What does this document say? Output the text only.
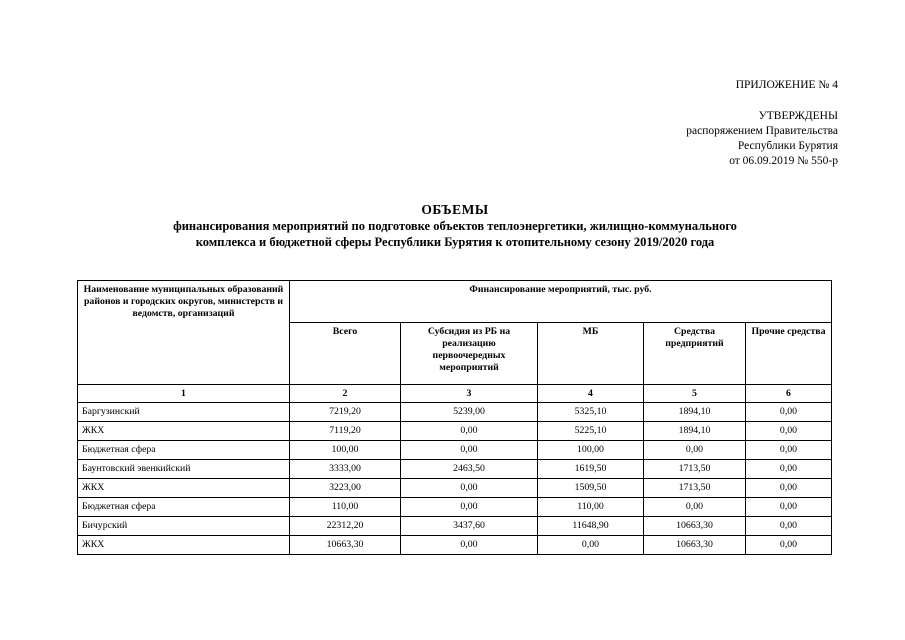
ПРИЛОЖЕНИЕ № 4
УТВЕРЖДЕНЫ
распоряжением Правительства
Республики Бурятия
от 06.09.2019 № 550-р
ОБЪЕМЫ
финансирования мероприятий по подготовке объектов теплоэнергетики, жилищно-коммунального
комплекса и бюджетной сферы Республики Бурятия к отопительному сезону 2019/2020 года
Наименование муниципальных образований районов и городских округов, министерств и ведомств, организаций	Финансирование мероприятий, тыс. руб.				
	Всего	Субсидия из РБ на реализацию первоочередных мероприятий	МБ	Средства предприятий	Прочие средства
1	2	3	4	5	6
Баргузинский	7219,20	5239,00	5325,10	1894,10	0,00
ЖКХ	7119,20	0,00	5225,10	1894,10	0,00
Бюджетная сфера	100,00	0,00	100,00	0,00	0,00
Баунтовский эвенкийский	3333,00	2463,50	1619,50	1713,50	0,00
ЖКХ	3223,00	0,00	1509,50	1713,50	0,00
Бюджетная сфера	110,00	0,00	110,00	0,00	0,00
Бичурский	22312,20	3437,60	11648,90	10663,30	0,00
ЖКХ	10663,30	0,00	0,00	10663,30	0,00
